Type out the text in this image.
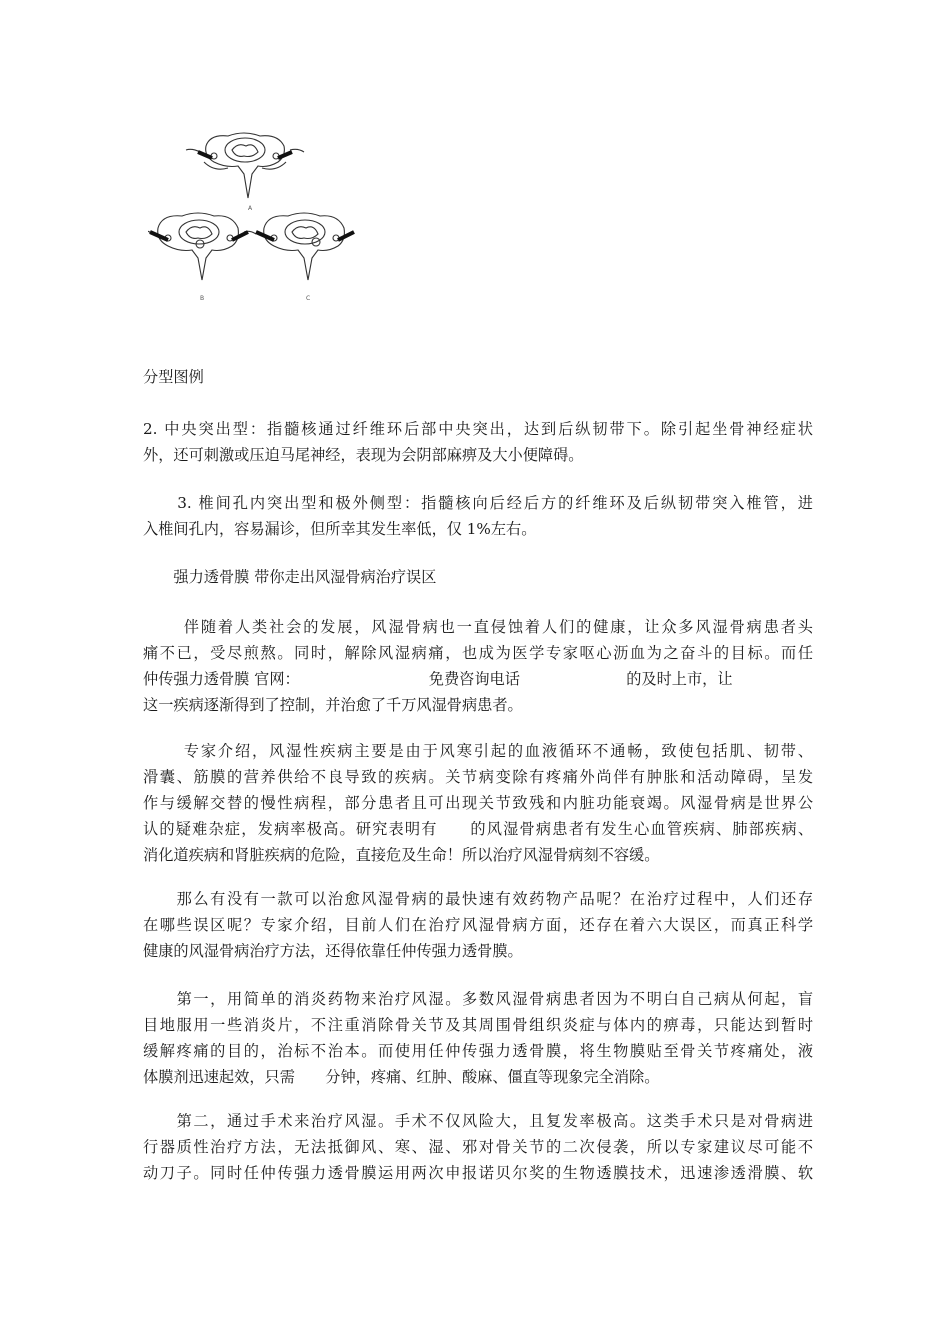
A
B	C
分型图例
2. 中央突出型：指髓核通过纤维环后部中央突出，达到后纵韧带下。除引起坐骨神经症状
外，还可刺激或压迫马尾神经，表现为会阴部麻痹及大小便障碍。
　　3. 椎间孔内突出型和极外侧型：指髓核向后经后方的纤维环及后纵韧带突入椎管，进
入椎间孔内，容易漏诊，但所幸其发生率低，仅 1%左右。
　　强力透骨膜 带你走出风湿骨病治疗误区
　　 伴随着人类社会的发展，风湿骨病也一直侵蚀着人们的健康，让众多风湿骨病患者头
痛不已，受尽煎熬。同时，解除风湿病痛，也成为医学专家呕心沥血为之奋斗的目标。而任
仲传强力透骨膜 官网：　　　　　　　　　免费咨询电话　　　　　　　的及时上市，让
这一疾病逐渐得到了控制，并治愈了千万风湿骨病患者。
　　 专家介绍，风湿性疾病主要是由于风寒引起的血液循环不通畅，致使包括肌、韧带、
滑囊、筋膜的营养供给不良导致的疾病。关节病变除有疼痛外尚伴有肿胀和活动障碍，呈发
作与缓解交替的慢性病程，部分患者且可出现关节致残和内脏功能衰竭。风湿骨病是世界公
认的疑难杂症，发病率极高。研究表明有　　的风湿骨病患者有发生心血管疾病、肺部疾病、
消化道疾病和肾脏疾病的危险，直接危及生命！所以治疗风湿骨病刻不容缓。
　　那么有没有一款可以治愈风湿骨病的最快速有效药物产品呢？在治疗过程中，人们还存
在哪些误区呢？专家介绍，目前人们在治疗风湿骨病方面，还存在着六大误区，而真正科学
健康的风湿骨病治疗方法，还得依靠任仲传强力透骨膜。
　　第一，用简单的消炎药物来治疗风湿。多数风湿骨病患者因为不明白自己病从何起，盲
目地服用一些消炎片，不注重消除骨关节及其周围骨组织炎症与体内的痹毒，只能达到暂时
缓解疼痛的目的，治标不治本。而使用任仲传强力透骨膜，将生物膜贴至骨关节疼痛处，液
体膜剂迅速起效，只需　　分钟，疼痛、红肿、酸麻、僵直等现象完全消除。
　　第二，通过手术来治疗风湿。手术不仅风险大，且复发率极高。这类手术只是对骨病进
行器质性治疗方法，无法抵御风、寒、湿、邪对骨关节的二次侵袭，所以专家建议尽可能不
动刀子。同时任仲传强力透骨膜运用两次申报诺贝尔奖的生物透膜技术，迅速渗透滑膜、软
